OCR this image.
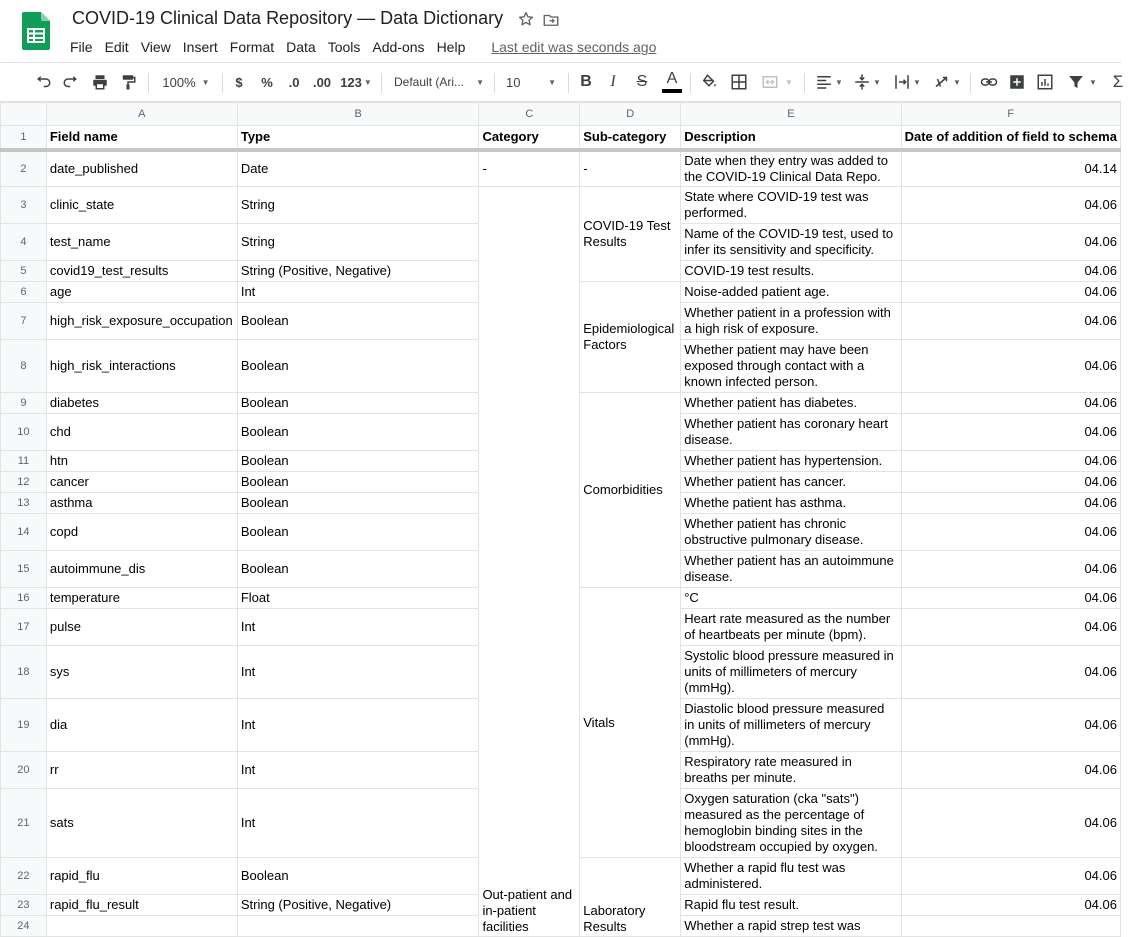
COVID-19 Clinical Data Repository — Data Dictionary
File Edit View Insert Format Data Tools Add-ons Help	Last edit was seconds ago
100% ▼	$	%	.0	.00 123 ▼ Default (Ari... ▼ 10	▼ B	I	S	A	▼	▼	▼	▼	▼	▼ Σ
	A	B	C	D	E	F
1	Field name	Type	Category	Sub-category	Description	Date of addition of field to schema
2	date_published	Date	-	-	Date when they entry was added to the COVID-19 Clinical Data Repo.	04.14
3	clinic_state	String	Out-patient and in-patient facilities	COVID-19 Test Results	State where COVID-19 test was performed.	04.06
4	test_name	String			Name of the COVID-19 test, used to infer its sensitivity and specificity.	04.06
5	covid19_test_results	String (Positive, Negative)			COVID-19 test results.	04.06
6	age	Int		Epidemiological Factors	Noise-added patient age.	04.06
7	high_risk_exposure_occupation	Boolean			Whether patient in a profession with a high risk of exposure.	04.06
8	high_risk_interactions	Boolean			Whether patient may have been exposed through contact with a known infected person.	04.06
9	diabetes	Boolean		Comorbidities	Whether patient has diabetes.	04.06
10	chd	Boolean			Whether patient has coronary heart disease.	04.06
11	htn	Boolean			Whether patient has hypertension.	04.06
12	cancer	Boolean			Whether patient has cancer.	04.06
13	asthma	Boolean			Whethe patient has asthma.	04.06
14	copd	Boolean			Whether patient has chronic obstructive pulmonary disease.	04.06
15	autoimmune_dis	Boolean			Whether patient has an autoimmune disease.	04.06
16	temperature	Float		Vitals	°C	04.06
17	pulse	Int			Heart rate measured as the number of heartbeats per minute (bpm).	04.06
18	sys	Int			Systolic blood pressure measured in units of millimeters of mercury (mmHg).	04.06
19	dia	Int			Diastolic blood pressure measured in units of millimeters of mercury (mmHg).	04.06
20	rr	Int			Respiratory rate measured in breaths per minute.	04.06
21	sats	Int			Oxygen saturation (cka "sats") measured as the percentage of hemoglobin binding sites in the bloodstream occupied by oxygen.	04.06
22	rapid_flu	Boolean		Laboratory Results	Whether a rapid flu test was administered.	04.06
23	rapid_flu_result	String (Positive, Negative)			Rapid flu test result.	04.06
24					Whether a rapid strep test was	
